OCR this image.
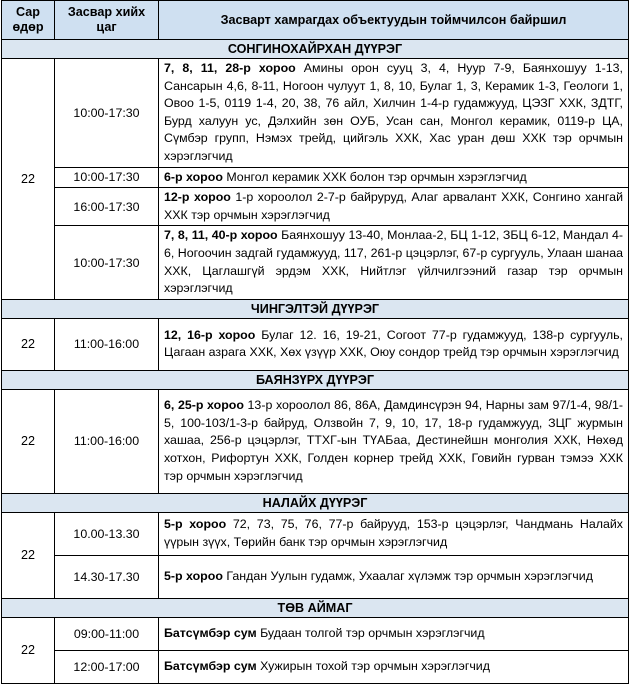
Сар өдөр	Засвар хийх цаг	Засварт хамрагдах объектуудын тоймчилсон байршил
СОНГИНОХАЙРХАН ДҮҮРЭГ		
22	10:00-17:30	7, 8, 11, 28-р хороо Амины орон сууц 3, 4, Нуур 7-9, Баянхошуу 1-13, Сансарын 4,6, 8-11, Ногоон чулуут 1, 8, 10, Булаг 1, 3, Керамик 1-3, Геологи 1, Овоо 1-5, 0119 1-4, 20, 38, 76 айл, Хилчин 1-4-р гудамжууд, ЦЭЗГ ХХК, ЗДТГ, Бурд халуун ус, Дэлхийн зөн ОУБ, Усан сан, Монгол керамик, 0119-р ЦА, Сүмбэр групп, Нэмэх трейд, цийгэль ХХК, Хас уран дөш ХХК тэр орчмын хэрэглэгчид
	10:00-17:30	6-р хороо Монгол керамик ХХК болон тэр орчмын хэрэглэгчид
	16:00-17:30	12-р хороо 1-р хороолол 2-7-р байруруд, Алаг арвалант ХХК, Сонгино хангай ХХК тэр орчмын хэрэглэгчид
	10:00-17:30	7, 8, 11, 40-р хороо Баянхошуу 13-40, Монлаа-2, БЦ 1-12, ЗБЦ 6-12, Мандал 4-6, Ногоочин задгай гудамжууд, 117, 261-р цэцэрлэг, 67-р сургууль, Улаан шанаа ХХК, Цаглашгүй эрдэм ХХК, Нийтлэг үйлчилгээний газар тэр орчмын хэрэглэгчид
ЧИНГЭЛТЭЙ ДҮҮРЭГ		
22	11:00-16:00	12, 16-р хороо Булаг 12. 16, 19-21, Согоот 77-р гудамжууд, 138-р сургууль, Цагаан азрага ХХК, Хөх үзүүр ХХК, Оюу сондор трейд тэр орчмын хэрэглэгчид
БАЯНЗҮРХ ДҮҮРЭГ		
22	11:00-16:00	6, 25-р хороо 13-р хороолол 86, 86А, Дамдинсүрэн 94, Нарны зам 97/1-4, 98/1-5, 100-103/1-3-р байруд, Олзвойн 7, 9, 10, 17, 18-р гудамжууд, ЗЦГ журмын хашаа, 256-р цэцэрлэг, ТТХГ-ын ТҮАБаа, Дестинейшн монголия ХХК, Нөхөд хотхон, Рифортун ХХК, Голден корнер трейд ХХК, Говийн гурван тэмээ ХХК тэр орчмын хэрэглэгчид
НАЛАЙХ ДҮҮРЭГ		
22	10.00-13.30	5-р хороо 72, 73, 75, 76, 77-р байрууд, 153-р цэцэрлэг, Чандмань Налайх үүрын зүүх, Төрийн банк тэр орчмын хэрэглэгчид
	14.30-17.30	5-р хороо Гандан Уулын гудамж, Ухаалаг хүлэмж тэр орчмын хэрэглэгчид
ТӨВ АЙМАГ		
22	09:00-11:00	Батсүмбэр сум Будаан толгой тэр орчмын хэрэглэгчид
	12:00-17:00	Батсүмбэр сум Хужирын тохой тэр орчмын хэрэглэгчид
